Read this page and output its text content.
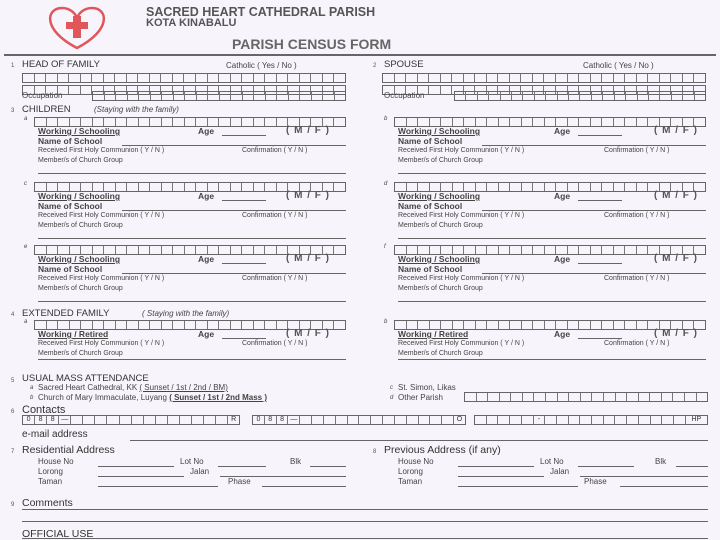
SACRED HEART CATHEDRAL PARISH
KOTA KINABALU
PARISH CENSUS FORM
1 HEAD OF FAMILY	Catholic ( Yes / No )
Occupation
2 SPOUSE	Catholic ( Yes / No )
Occupation
3 CHILDREN	(Staying with the family)
a
Working / Schooling	Age	( M / F )
Name of School
Received First Holy Communion ( Y / N )	Confirmation ( Y / N )
Member/s of Church Group
b
Working / Schooling	Age	( M / F )
Name of School
Received First Holy Communion ( Y / N )	Confirmation ( Y / N )
Member/s of Church Group
c
Working / Schooling	Age	( M / F )
Name of School
Received First Holy Communion ( Y / N )	Confirmation ( Y / N )
Member/s of Church Group
d
Working / Schooling	Age	( M / F )
Name of School
Received First Holy Communion ( Y / N )	Confirmation ( Y / N )
Member/s of Church Group
e
Working / Schooling	Age	( M / F )
Name of School
Received First Holy Communion ( Y / N )	Confirmation ( Y / N )
Member/s of Church Group
f
Working / Schooling	Age	( M / F )
Name of School
Received First Holy Communion ( Y / N )	Confirmation ( Y / N )
Member/s of Church Group
4 EXTENDED FAMILY	( Staying with the family)
a
Working / Retired	Age	( M / F )
Received First Holy Communion ( Y / N )	Confirmation ( Y / N )
Member/s of Church Group
b
Working / Retired	Age	( M / F )
Received First Holy Communion ( Y / N )	Confirmation ( Y / N )
Member/s of Church Group
5 USUAL MASS ATTENDANCE
a Sacred Heart Cathedral, KK ( Sunset / 1st / 2nd / BM)
b Church of Mary Immaculate, Luyang ( Sunset / 1st / 2nd Mass )
c St. Simon, Likas
d Other Parish
6 Contacts
0	8	8 —	R	0	8	8 —	O	-	HP
e-mail address
7 Residential Address
House No	Lot No	Blk
Lorong	Jalan
Taman	Phase
8 Previous Address (if any)
House No	Lot No	Blk
Lorong	Jalan
Taman	Phase
9 Comments
OFFICIAL USE
